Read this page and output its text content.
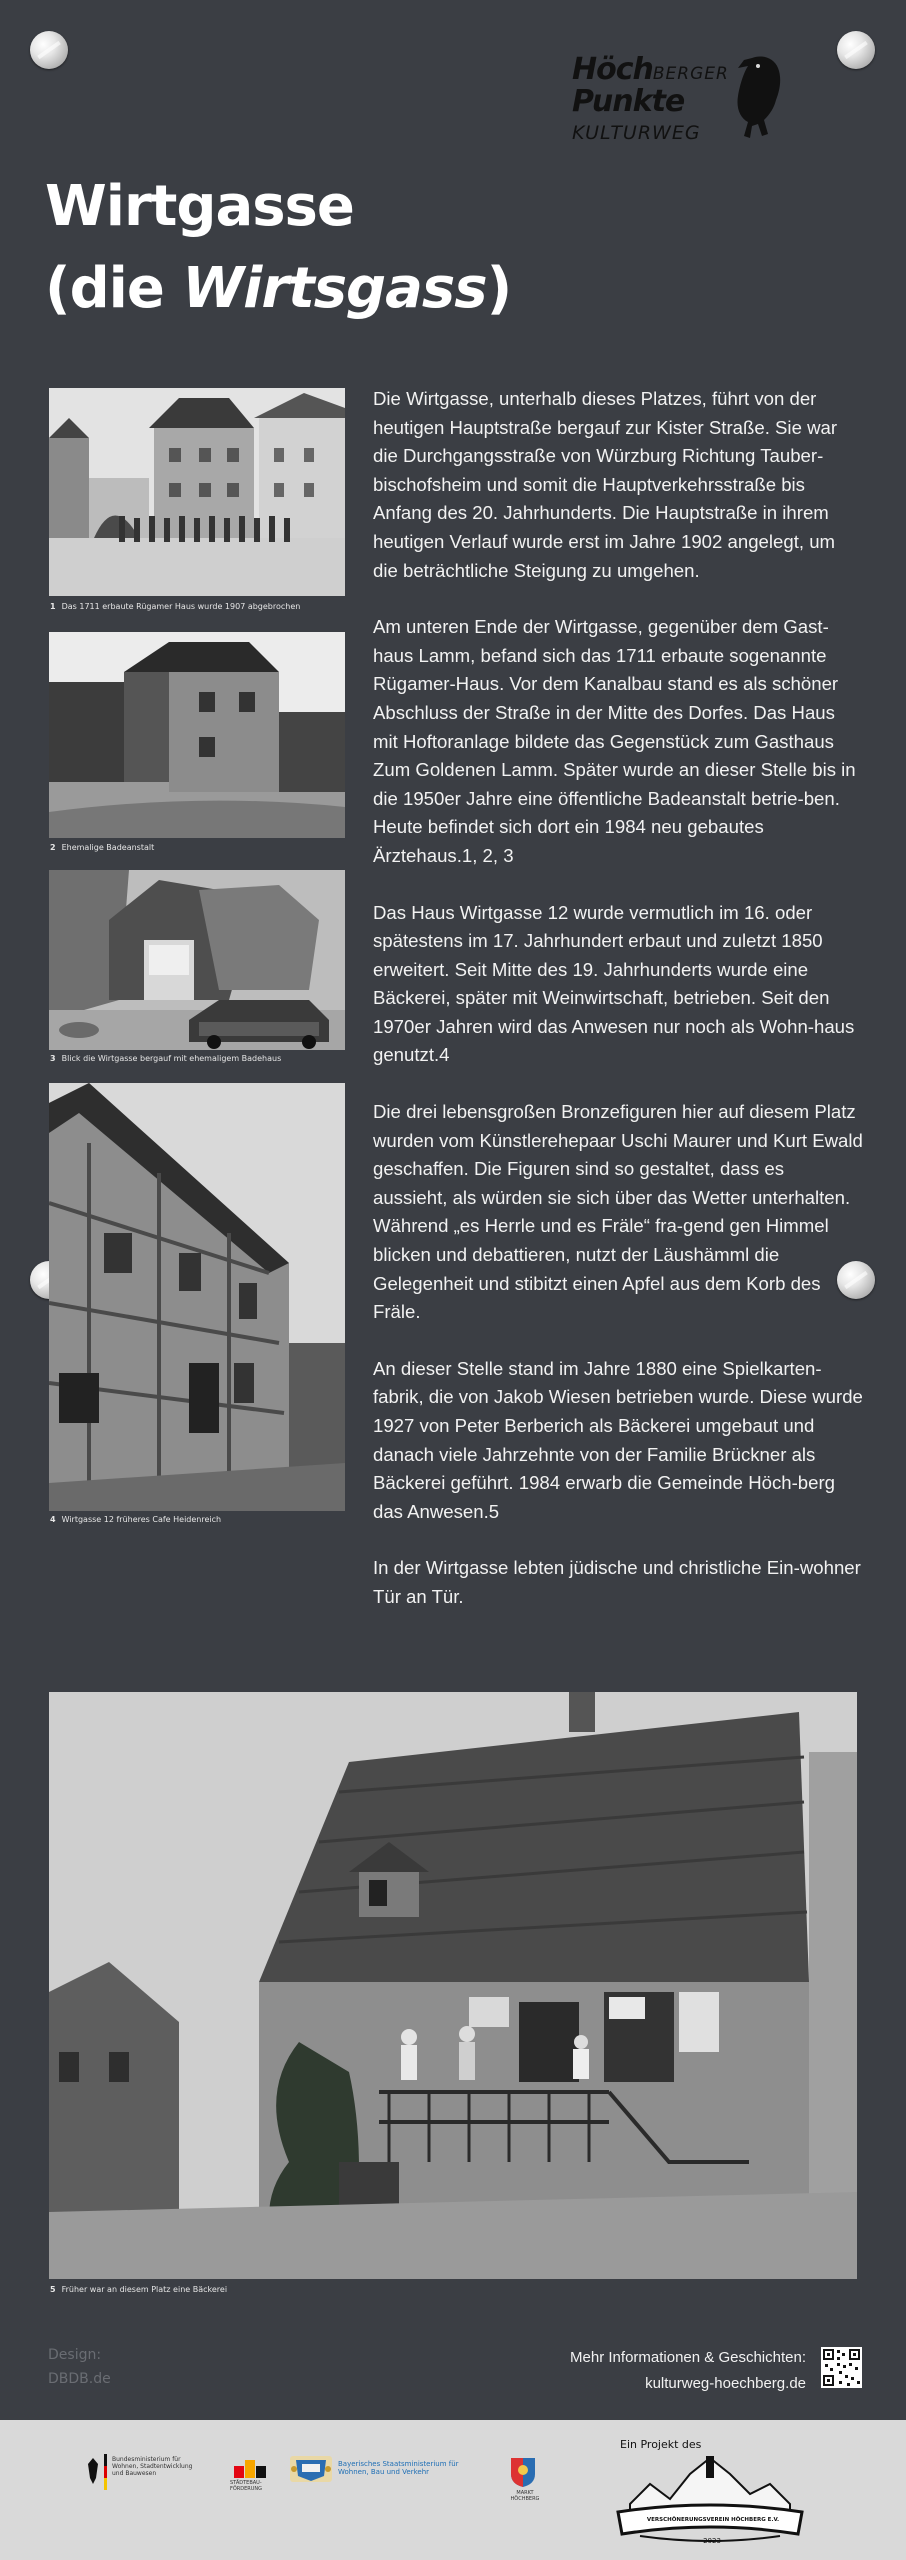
HöchBERGER
Punkte
KULTURWEG
Wirtgasse
(die Wirtsgass)
1 Das 1711 erbaute Rügamer Haus wurde 1907 abgebrochen
2 Ehemalige Badeanstalt
3 Blick die Wirtgasse bergauf mit ehemaligem Badehaus
4 Wirtgasse 12 früheres Cafe Heidenreich

Die Wirtgasse, unterhalb dieses Platzes, führt von der heutigen Hauptstraße bergauf zur Kister Straße. Sie war die Durchgangsstraße von Würzburg Richtung Tauber-bischofsheim und somit die Hauptverkehrsstraße bis Anfang des 20. Jahrhunderts. Die Hauptstraße in ihrem heutigen Verlauf wurde erst im Jahre 1902 angelegt, um die beträchtliche Steigung zu umgehen.

Am unteren Ende der Wirtgasse, gegenüber dem Gast-haus Lamm, befand sich das 1711 erbaute sogenannte Rügamer-Haus. Vor dem Kanalbau stand es als schöner Abschluss der Straße in der Mitte des Dorfes. Das Haus mit Hoftoranlage bildete das Gegenstück zum Gasthaus Zum Goldenen Lamm. Später wurde an dieser Stelle bis in die 1950er Jahre eine öffentliche Badeanstalt betrie-ben. Heute befindet sich dort ein 1984 neu gebautes Ärztehaus.1, 2, 3

Das Haus Wirtgasse 12 wurde vermutlich im 16. oder spätestens im 17. Jahrhundert erbaut und zuletzt 1850 erweitert. Seit Mitte des 19. Jahrhunderts wurde eine Bäckerei, später mit Weinwirtschaft, betrieben. Seit den 1970er Jahren wird das Anwesen nur noch als Wohn-haus genutzt.4

Die drei lebensgroßen Bronzefiguren hier auf diesem Platz wurden vom Künstlerehepaar Uschi Maurer und Kurt Ewald geschaffen. Die Figuren sind so gestaltet, dass es aussieht, als würden sie sich über das Wetter unterhalten. Während „es Herrle und es Fräle“ fra-gend gen Himmel blicken und debattieren, nutzt der Läushämml die Gelegenheit und stibitzt einen Apfel aus dem Korb des Fräle.

An dieser Stelle stand im Jahre 1880 eine Spielkarten-fabrik, die von Jakob Wiesen betrieben wurde. Diese wurde 1927 von Peter Berberich als Bäckerei umgebaut und danach viele Jahrzehnte von der Familie Brückner als Bäckerei geführt. 1984 erwarb die Gemeinde Höch-berg das Anwesen.5

In der Wirtgasse lebten jüdische und christliche Ein-wohner Tür an Tür.

5 Früher war an diesem Platz eine Bäckerei
Design:
DBDB.de
Mehr Informationen & Geschichten:
kulturweg-hoechberg.de
Bundesministerium für Wohnen, Stadtentwicklung und Bauwesen
STÄDTEBAU-FÖRDERUNG
Bayerisches Staatsministerium für Wohnen, Bau und Verkehr
MARKT HÖCHBERG
Ein Projekt des
VERSCHÖNERUNGSVEREIN HÖCHBERG E.V.
2023
